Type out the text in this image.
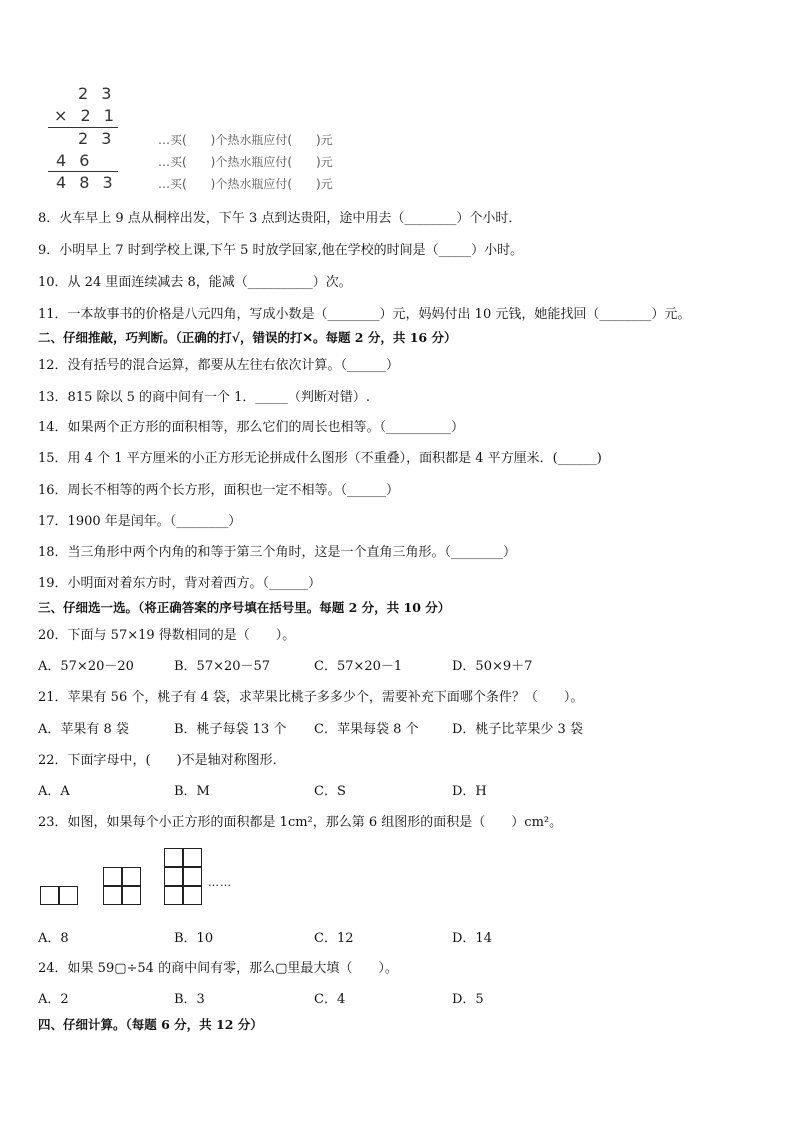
2 3
× 2 1
2 3
4 6
4 8 3
…买(　　)个热水瓶应付(　　)元
…买(　　)个热水瓶应付(　　)元
…买(　　)个热水瓶应付(　　)元
8．火车早上 9 点从桐梓出发，下午 3 点到达贵阳，途中用去（________）个小时．
9．小明早上 7 时到学校上课,下午 5 时放学回家,他在学校的时间是（_____）小时。
10．从 24 里面连续减去 8，能减（__________）次。
11．一本故事书的价格是八元四角，写成小数是（________）元，妈妈付出 10 元钱，她能找回（________）元。
二、仔细推敲，巧判断。（正确的打√，错误的打✕。每题 2 分，共 16 分）
12．没有括号的混合运算，都要从左往右依次计算。（______）
13．815 除以 5 的商中间有一个 1．_____（判断对错）.
14．如果两个正方形的面积相等，那么它们的周长也相等。（__________）
15．用 4 个 1 平方厘米的小正方形无论拼成什么图形（不重叠），面积都是 4 平方厘米．(______)
16．周长不相等的两个长方形，面积也一定不相等。（______）
17．1900 年是闰年。（________）
18．当三角形中两个内角的和等于第三个角时，这是一个直角三角形。（________）
19．小明面对着东方时，背对着西方。（______）
三、仔细选一选。（将正确答案的序号填在括号里。每题 2 分，共 10 分）
20．下面与 57×19 得数相同的是（　　）。
A．57×20－20	B．57×20－57	C．57×20－1	D．50×9＋7
21．苹果有 56 个，桃子有 4 袋，求苹果比桃子多多少个，需要补充下面哪个条件？（　　）。
A．苹果有 8 袋	B．桃子每袋 13 个 C．苹果每袋 8 个	D．桃子比苹果少 3 袋
22．下面字母中，(　　)不是轴对称图形．
A．A	B．M	C．S	D．H
23．如图，如果每个小正方形的面积都是 1cm²，那么第 6 组图形的面积是（　　）cm²。
……
A．8	B．10	C．12	D．14
24．如果 59▢÷54 的商中间有零，那么▢里最大填（　　）。
A．2	B．3	C．4	D．5
四、仔细计算。（每题 6 分，共 12 分）
